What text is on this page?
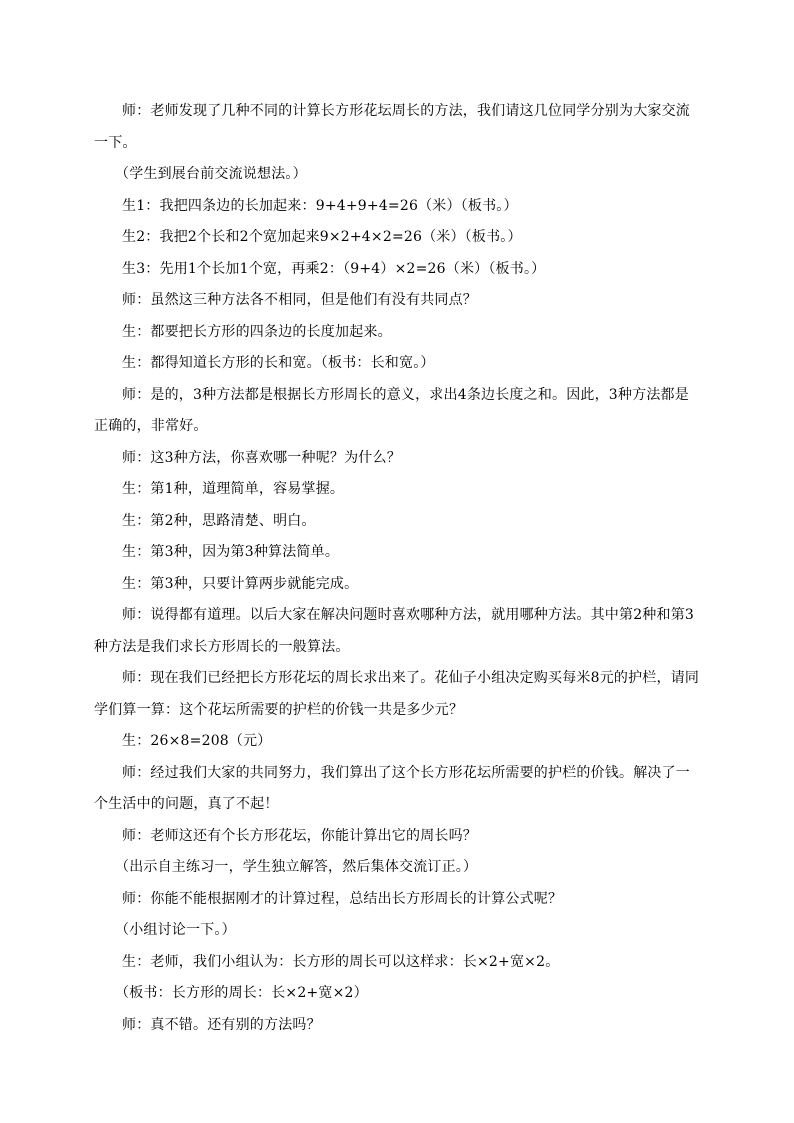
师：老师发现了几种不同的计算长方形花坛周长的方法，我们请这几位同学分别为大家交流一下。

（学生到展台前交流说想法。）

生1：我把四条边的长加起来：9+4+9+4=26（米）（板书。）

生2：我把2个长和2个宽加起来9×2+4×2=26（米）（板书。）

生3：先用1个长加1个宽，再乘2：（9+4）×2=26（米）（板书。）

师：虽然这三种方法各不相同，但是他们有没有共同点？

生：都要把长方形的四条边的长度加起来。

生：都得知道长方形的长和宽。（板书：长和宽。）

师：是的，3种方法都是根据长方形周长的意义，求出4条边长度之和。因此，3种方法都是正确的，非常好。

师：这3种方法，你喜欢哪一种呢？为什么？

生：第1种，道理简单，容易掌握。

生：第2种，思路清楚、明白。

生：第3种，因为第3种算法简单。

生：第3种，只要计算两步就能完成。

师：说得都有道理。以后大家在解决问题时喜欢哪种方法，就用哪种方法。其中第2种和第3种方法是我们求长方形周长的一般算法。

师：现在我们已经把长方形花坛的周长求出来了。花仙子小组决定购买每米8元的护栏，请同学们算一算：这个花坛所需要的护栏的价钱一共是多少元？

生：26×8=208（元）

师：经过我们大家的共同努力，我们算出了这个长方形花坛所需要的护栏的价钱。解决了一个生活中的问题，真了不起！

师：老师这还有个长方形花坛，你能计算出它的周长吗？

（出示自主练习一，学生独立解答，然后集体交流订正。）

师：你能不能根据刚才的计算过程，总结出长方形周长的计算公式呢？

（小组讨论一下。）

生：老师，我们小组认为：长方形的周长可以这样求：长×2+宽×2。

（板书：长方形的周长：长×2+宽×2）

师：真不错。还有别的方法吗？
